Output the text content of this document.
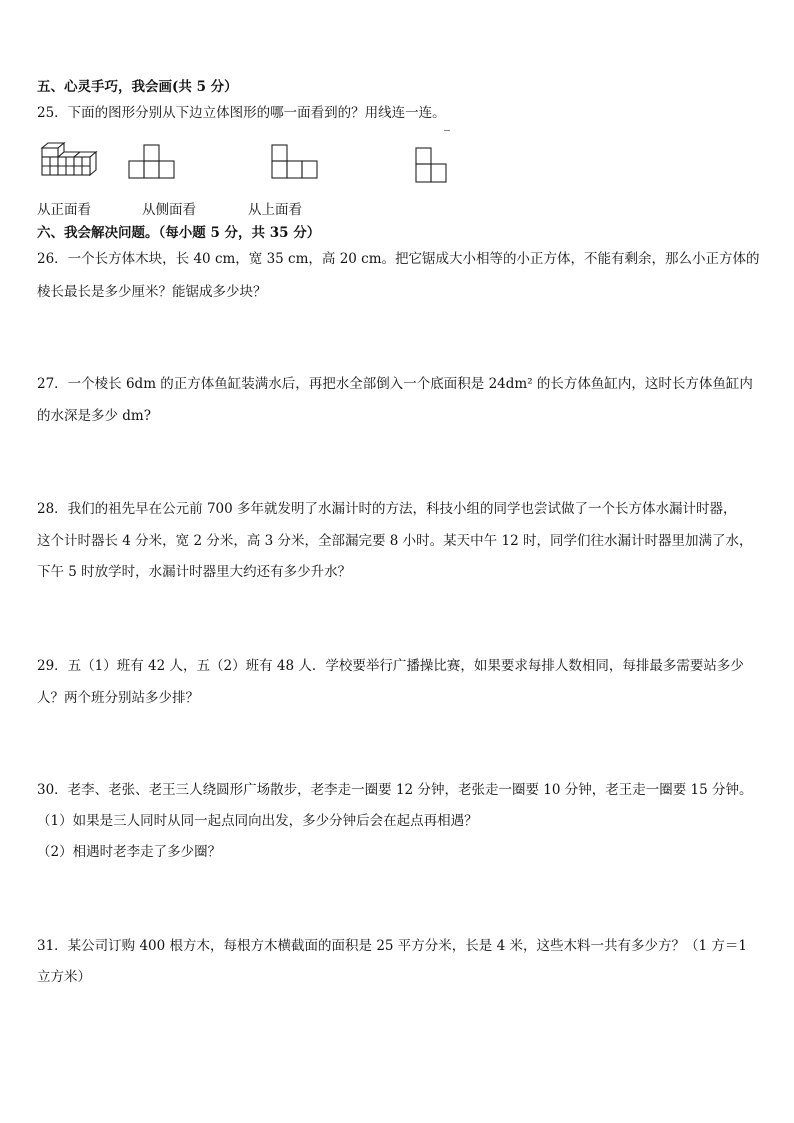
五、心灵手巧，我会画(共 5 分）
25．下面的图形分别从下边立体图形的哪一面看到的？用线连一连。
从正面看	从侧面看	从上面看
六、我会解决问题。（每小题 5 分，共 35 分）
26．一个长方体木块，长 40 cm，宽 35 cm，高 20 cm。把它锯成大小相等的小正方体，不能有剩余，那么小正方体的
棱长最长是多少厘米？能锯成多少块？
27．一个棱长 6dm 的正方体鱼缸装满水后，再把水全部倒入一个底面积是 24dm² 的长方体鱼缸内，这时长方体鱼缸内
的水深是多少 dm?
28．我们的祖先早在公元前 700 多年就发明了水漏计时的方法，科技小组的同学也尝试做了一个长方体水漏计时器，
这个计时器长 4 分米，宽 2 分米，高 3 分米，全部漏完要 8 小时。某天中午 12 时，同学们往水漏计时器里加满了水，
下午 5 时放学时，水漏计时器里大约还有多少升水？
29．五（1）班有 42 人，五（2）班有 48 人．学校要举行广播操比赛，如果要求每排人数相同，每排最多需要站多少
人？两个班分别站多少排？
30．老李、老张、老王三人绕圆形广场散步，老李走一圈要 12 分钟，老张走一圈要 10 分钟，老王走一圈要 15 分钟。
（1）如果是三人同时从同一起点同向出发，多少分钟后会在起点再相遇？
（2）相遇时老李走了多少圈？
31．某公司订购 400 根方木，每根方木横截面的面积是 25 平方分米，长是 4 米，这些木料一共有多少方？（1 方＝1
立方米）
